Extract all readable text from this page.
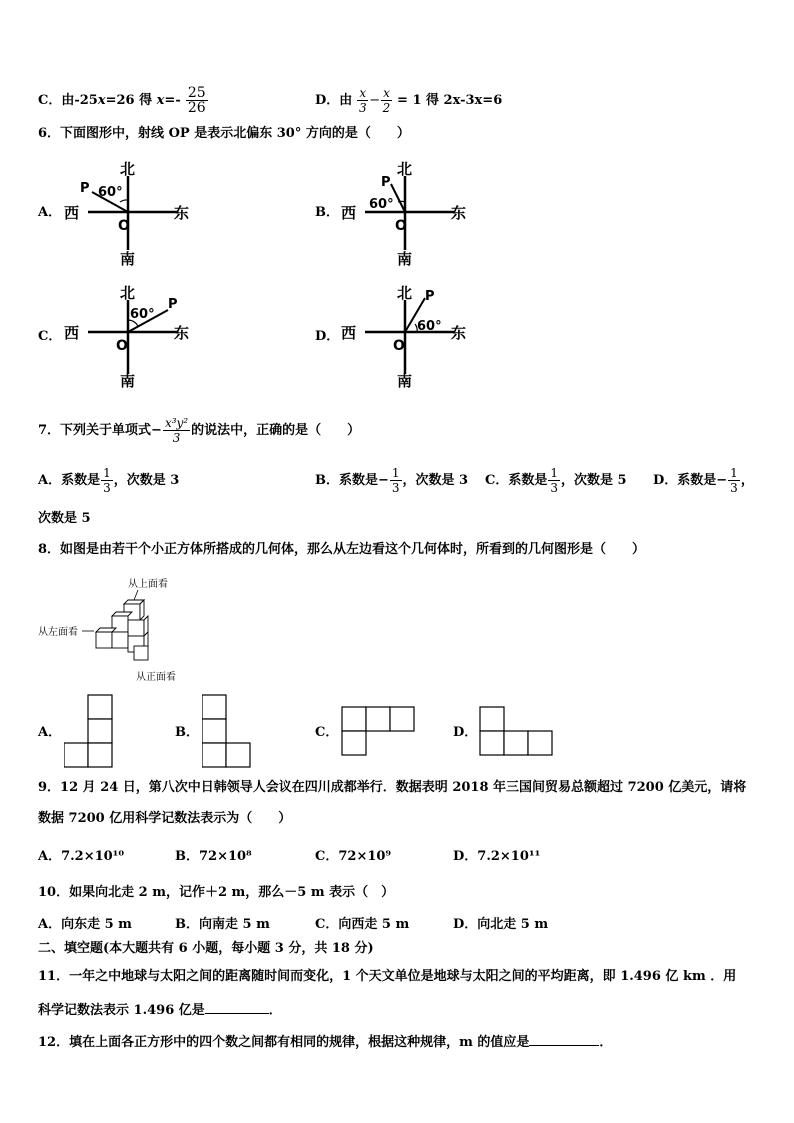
C．由-25x=26 得 $x=- \frac{25}{26}$	D．由 $\frac{x}{3} - \frac{x}{2} = 1$ 得 2x-3x=6
6．下面图形中，射线 OP 是表示北偏东 30° 方向的是（　　）
A．	B．
C．	D．
北
南
西	东
O
P 60°
北
南
西	东
O
P
60°
北
南
西	东
O
P
60°
北
南
西	东
O
P
60°
7．下列关于单项式− $\frac{\text{x³y²}}{3}$ 的说法中，正确的是（　　）
A．系数是 $\frac{1}{3}$ ，次数是 3	B．系数是− $\frac{1}{3}$ ，次数是 3 C．系数是 $\frac{1}{3}$ ，次数是 5 D．系数是− $\frac{1}{3}$ ，
次数是 5
8．如图是由若干个小正方体所搭成的几何体，那么从左边看这个几何体时，所看到的几何图形是（　　）
从上面看
从左面看
从正面看
A．	B．	C．	D．
9．12 月 24 日，第八次中日韩领导人会议在四川成都举行．数据表明 2018 年三国间贸易总额超过 7200 亿美元，请将
数据 7200 亿用科学记数法表示为（　　）
A．7.2×10¹⁰	B．72×10⁸	C．72×10⁹	D．7.2×10¹¹
10．如果向北走 2 m，记作＋2 m，那么－5 m 表示（　）
A．向东走 5 m	B．向南走 5 m	C．向西走 5 m	D．向北走 5 m
二、填空题(本大题共有 6 小题，每小题 3 分，共 18 分)
11．一年之中地球与太阳之间的距离随时间而变化，1 个天文单位是地球与太阳之间的平均距离，即 1.496 亿 km ．用
科学记数法表示 1.496 亿是	．
12．填在上面各正方形中的四个数之间都有相同的规律，根据这种规律，m 的值应是	．
